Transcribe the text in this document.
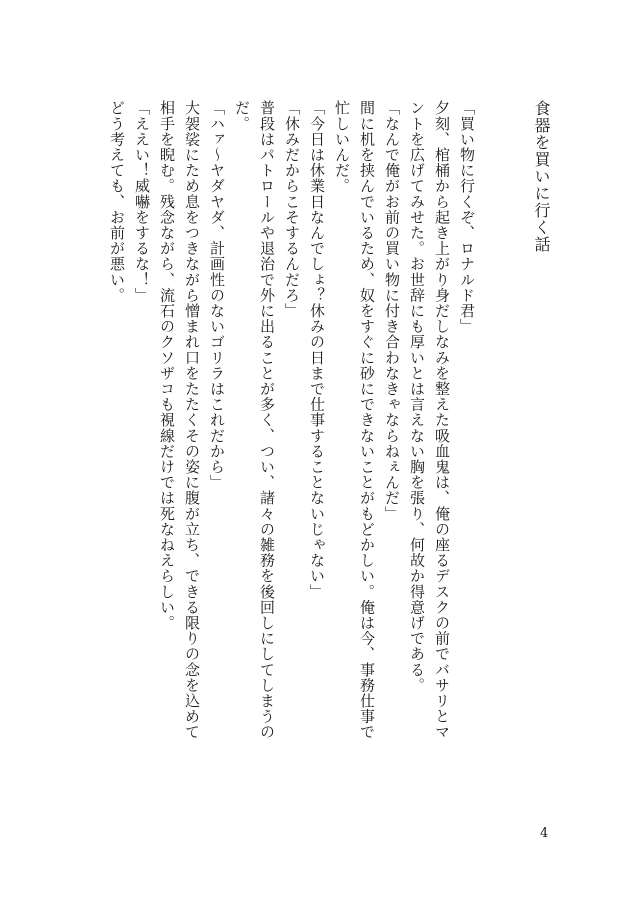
食器を買いに行く話
「買い物に行くぞ、ロナルド君」
夕刻、棺桶から起き上がり身だしなみを整えた吸血鬼は、俺の座るデスクの前でバサリとマ
ントを広げてみせた。お世辞にも厚いとは言えない胸を張り、何故か得意げである。
「なんで俺がお前の買い物に付き合わなきゃならねぇんだ」
間に机を挟んでいるため、奴をすぐに砂にできないことがもどかしい。俺は今、事務仕事で
忙しいんだ。
「今日は休業日なんでしょ？休みの日まで仕事することないじゃない」
「休みだからこそするんだろ」
普段はパトロールや退治で外に出ることが多く、つい、諸々の雑務を後回しにしてしまうの
だ。
「ハァ〜ヤダヤダ、計画性のないゴリラはこれだから」
大袈裟にため息をつきながら憎まれ口をたたくその姿に腹が立ち、できる限りの念を込めて
相手を睨む。残念ながら、流石のクソザコも視線だけでは死なねえらしい。
「ええい！威嚇をするな！」
どう考えても、お前が悪い。
4
